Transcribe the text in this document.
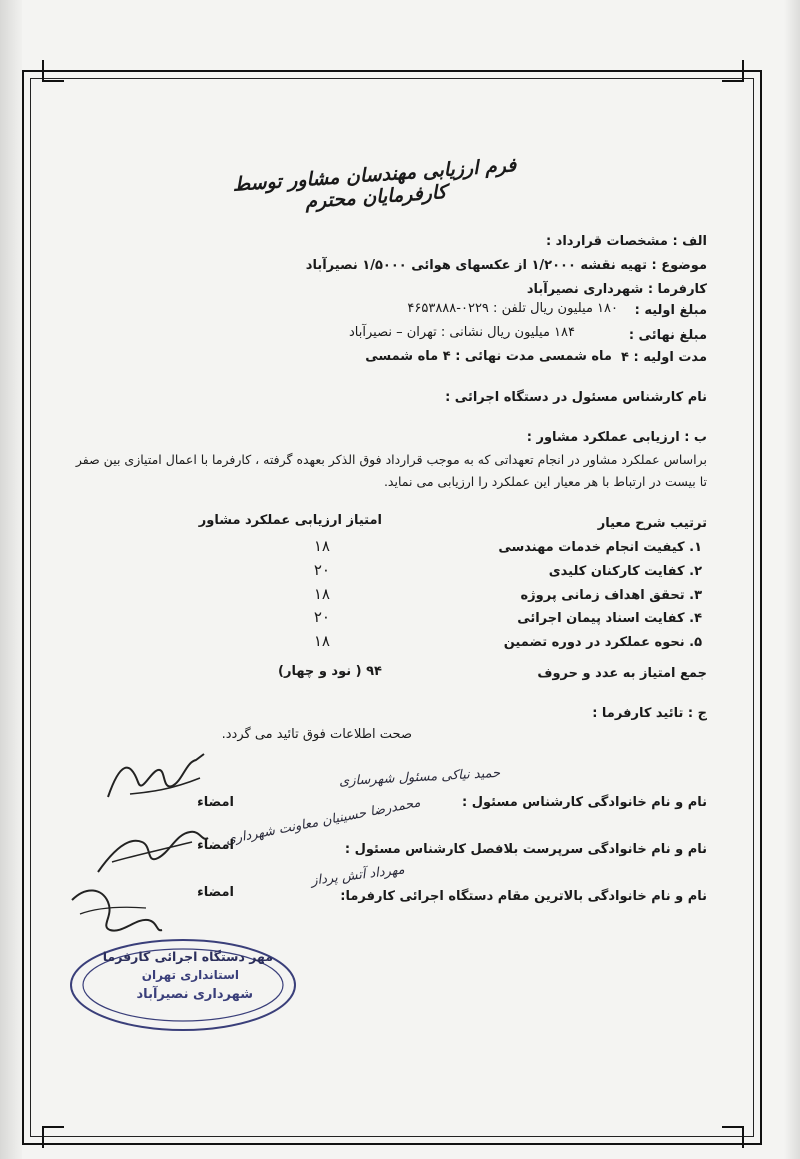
فرم ارزیابی مهندسان مشاور توسط کارفرمایان محترم
الف : مشخصات قرارداد :
موضوع : تهیه نقشه ۱/۲۰۰۰ از عکسهای هوائی ۱/۵۰۰۰ نصیرآباد
کارفرما : شهرداری نصیرآباد
مبلغ اولیه :
۱۸۰ میلیون ریال تلفن : ۰۲۲۹-۴۶۵۳۸۸۸
مبلغ نهائی :
۱۸۴ میلیون ریال نشانی : تهران – نصیرآباد
مدت اولیه : ۴
ماه شمسی مدت نهائی : ۴ ماه شمسی
نام کارشناس مسئول در دستگاه اجرائی :
ب : ارزیابی عملکرد مشاور :
براساس عملکرد مشاور در انجام تعهداتی که به موجب قرارداد فوق الذکر بعهده گرفته ، کارفرما با اعمال امتیازی بین صفر
تا بیست در ارتباط با هر معیار این عملکرد را ارزیابی می نماید.
ترتیب شرح معیار
امتیاز ارزیابی عملکرد مشاور
۱. کیفیت انجام خدمات مهندسی
۱۸
۲. کفایت کارکنان کلیدی
۲۰
۳. تحقق اهداف زمانی پروژه
۱۸
۴. کفایت اسناد پیمان اجرائی
۲۰
۵. نحوه عملکرد در دوره تضمین
۱۸
جمع امتیاز به عدد و حروف
۹۴ ( نود و چهار)
ج : تائید کارفرما :
صحت اطلاعات فوق تائید می گردد.
نام و نام خانوادگی کارشناس مسئول :
حمید نیاکی مسئول شهرسازی
امضاء
نام و نام خانوادگی سرپرست بلافصل کارشناس مسئول :
محمدرضا حسینیان معاونت شهرداری
امضاء
نام و نام خانوادگی بالاترین مقام دستگاه اجرائی کارفرما:
مهرداد آتش پرداز
امضاء
مهر دستگاه اجرائی کارفرما
استانداری تهران
شهرداری نصیرآباد
